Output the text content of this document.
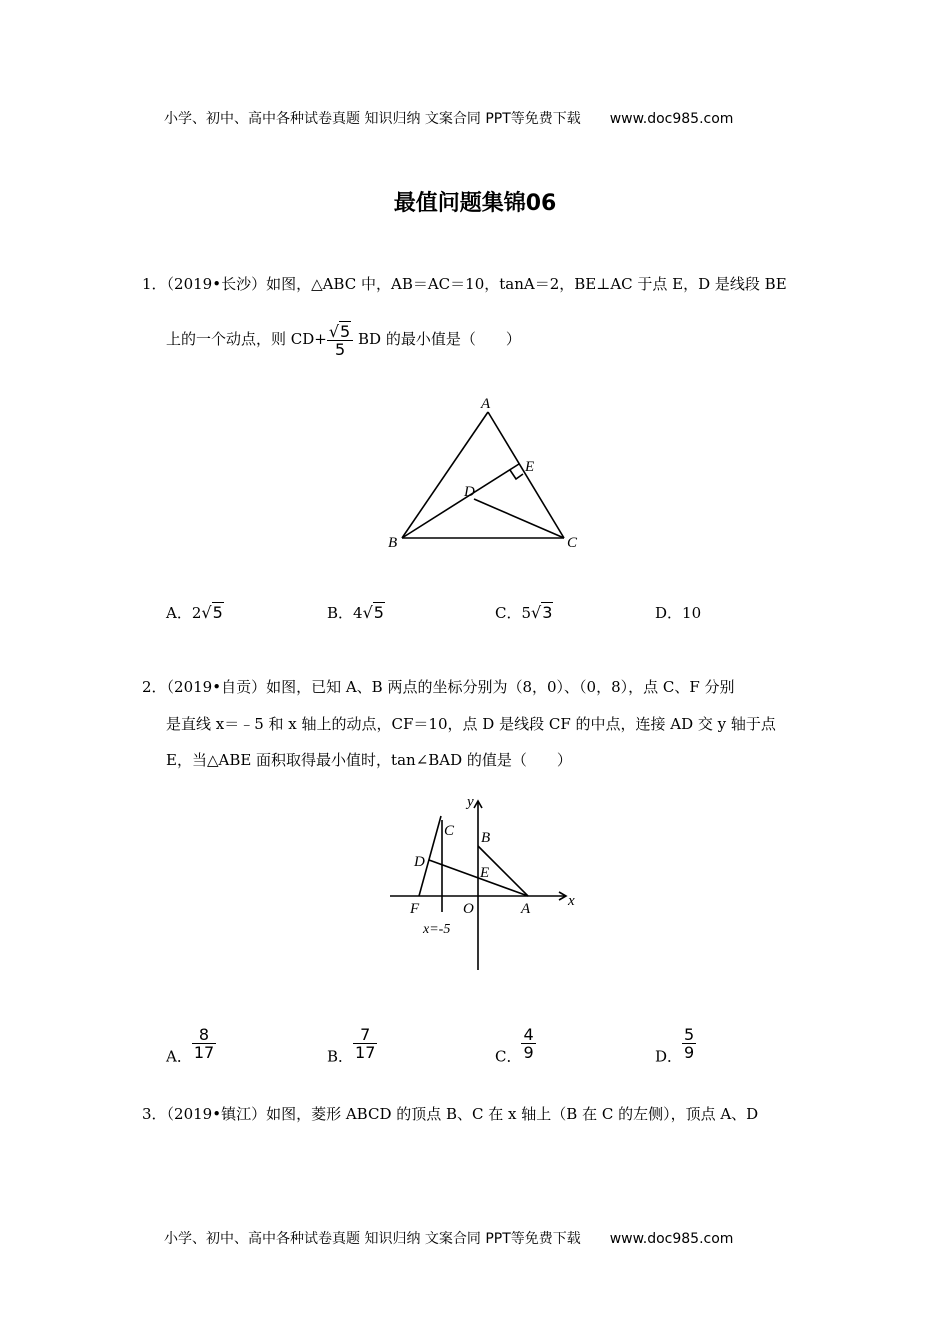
小学、初中、高中各种试卷真题 知识归纳 文案合同 PPT等免费下载 www.doc985.com
最值问题集锦06
1．（2019•长沙）如图，△ABC 中，AB＝AC＝10，tanA＝2，BE⊥AC 于点 E，D 是线段 BE
上的一个动点，则 $CD+ \frac{√5}{5}$ BD 的最小值是（　　）
A
B	C
D
E
A．2√5	B．4√5	C．5√3	D．10
2．（2019•自贡）如图，已知 A、B 两点的坐标分别为（8，0）、（0，8），点 C、F 分别
是直线 x＝﹣5 和 x 轴上的动点，CF＝10，点 D 是线段 CF 的中点，连接 AD 交 y 轴于点
E，当△ABE 面积取得最小值时，tan∠BAD 的值是（　　）
y
x
C B
D
E
F	O	A
x=-5
A． $\frac{8}{17}$	B． $\frac{7}{17}$	C． $\frac{4}{9}$	D． $\frac{5}{9}$
3．（2019•镇江）如图，菱形 ABCD 的顶点 B、C 在 x 轴上（B 在 C 的左侧），顶点 A、D
小学、初中、高中各种试卷真题 知识归纳 文案合同 PPT等免费下载 www.doc985.com
